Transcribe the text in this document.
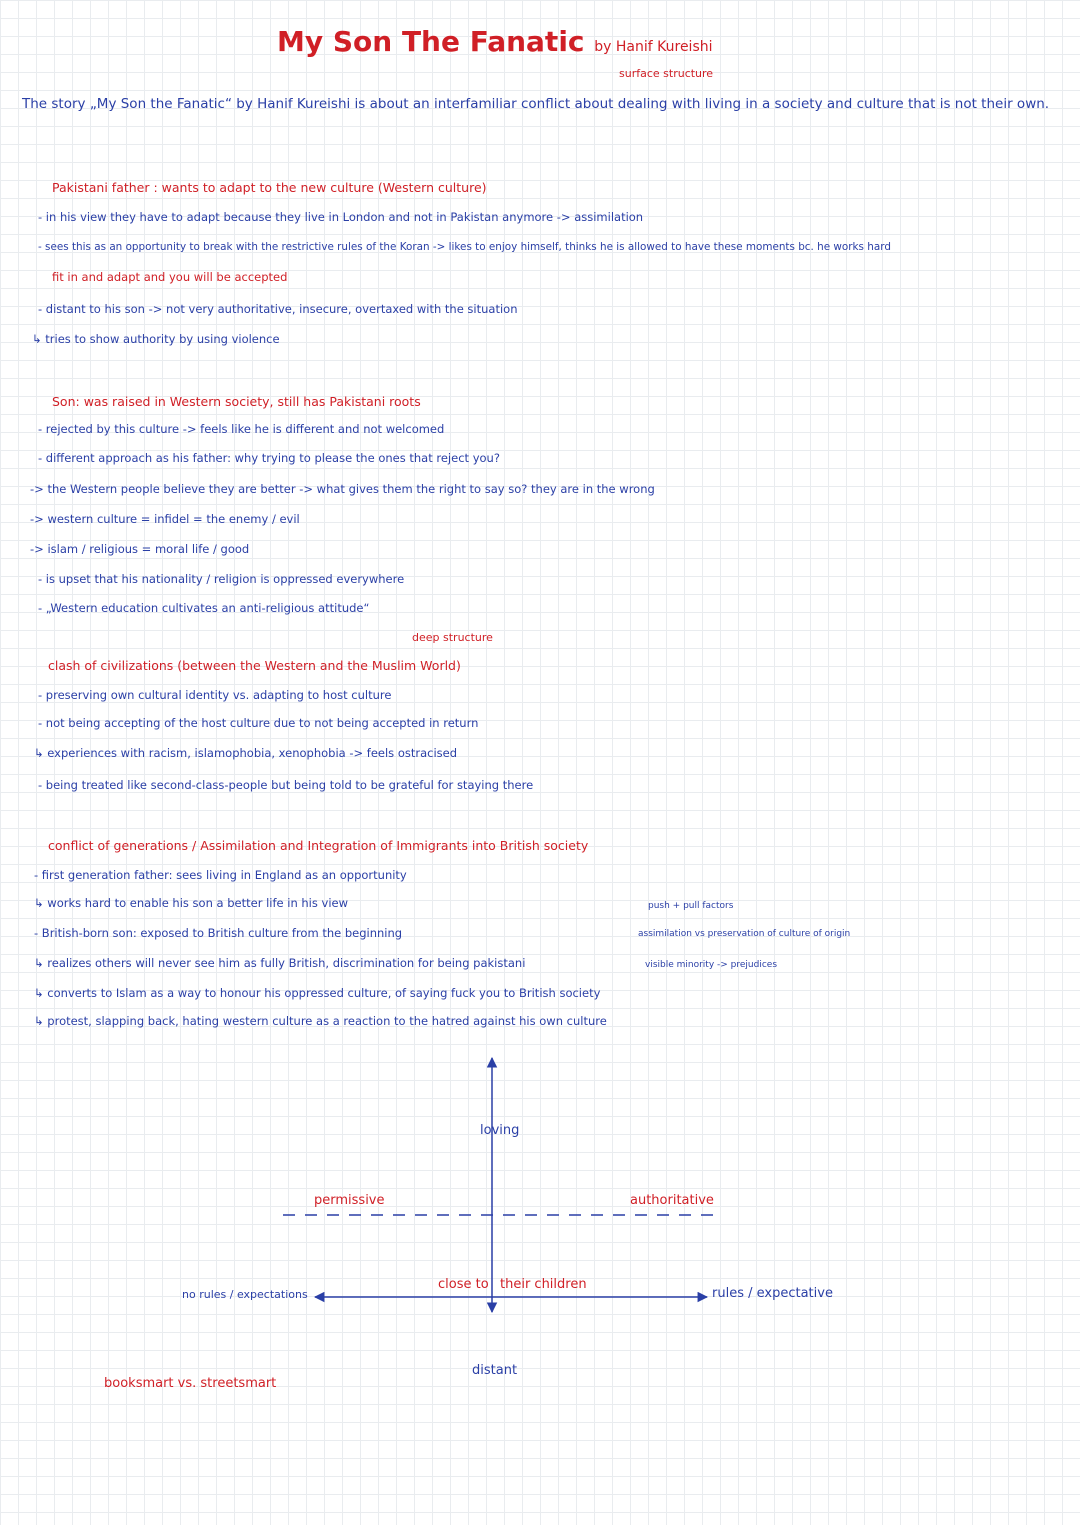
My Son The Fanatic by Hanif Kureishi
surface structure
The story „My Son the Fanatic“ by Hanif Kureishi is about an interfamiliar conflict about dealing with living in a society and culture that is not their own.
Pakistani father : wants to adapt to the new culture (Western culture)
- in his view they have to adapt because they live in London and not in Pakistan anymore -> assimilation
- sees this as an opportunity to break with the restrictive rules of the Koran -> likes to enjoy himself, thinks he is allowed to have these moments bc. he works hard
fit in and adapt and you will be accepted
- distant to his son -> not very authoritative, insecure, overtaxed with the situation
↳ tries to show authority by using violence
Son: was raised in Western society, still has Pakistani roots
- rejected by this culture -> feels like he is different and not welcomed
- different approach as his father: why trying to please the ones that reject you?
-> the Western people believe they are better -> what gives them the right to say so? they are in the wrong
-> western culture = infidel = the enemy / evil
-> islam / religious = moral life / good
- is upset that his nationality / religion is oppressed everywhere
- „Western education cultivates an anti-religious attitude“
deep structure
clash of civilizations (between the Western and the Muslim World)
- preserving own cultural identity vs. adapting to host culture
- not being accepting of the host culture due to not being accepted in return
↳ experiences with racism, islamophobia, xenophobia -> feels ostracised
- being treated like second-class-people but being told to be grateful for staying there
conflict of generations / Assimilation and Integration of Immigrants into British society
- first generation father: sees living in England as an opportunity
↳ works hard to enable his son a better life in his view
- British-born son: exposed to British culture from the beginning
↳ realizes others will never see him as fully British, discrimination for being pakistani
↳ converts to Islam as a way to honour his oppressed culture, of saying fuck you to British society
↳ protest, slapping back, hating western culture as a reaction to the hatred against his own culture
push + pull factors
assimilation vs preservation of culture of origin
visible minority -> prejudices
loving
distant
no rules / expectations	rules / expectative
permissive	authoritative
close to their children
booksmart vs. streetsmart
